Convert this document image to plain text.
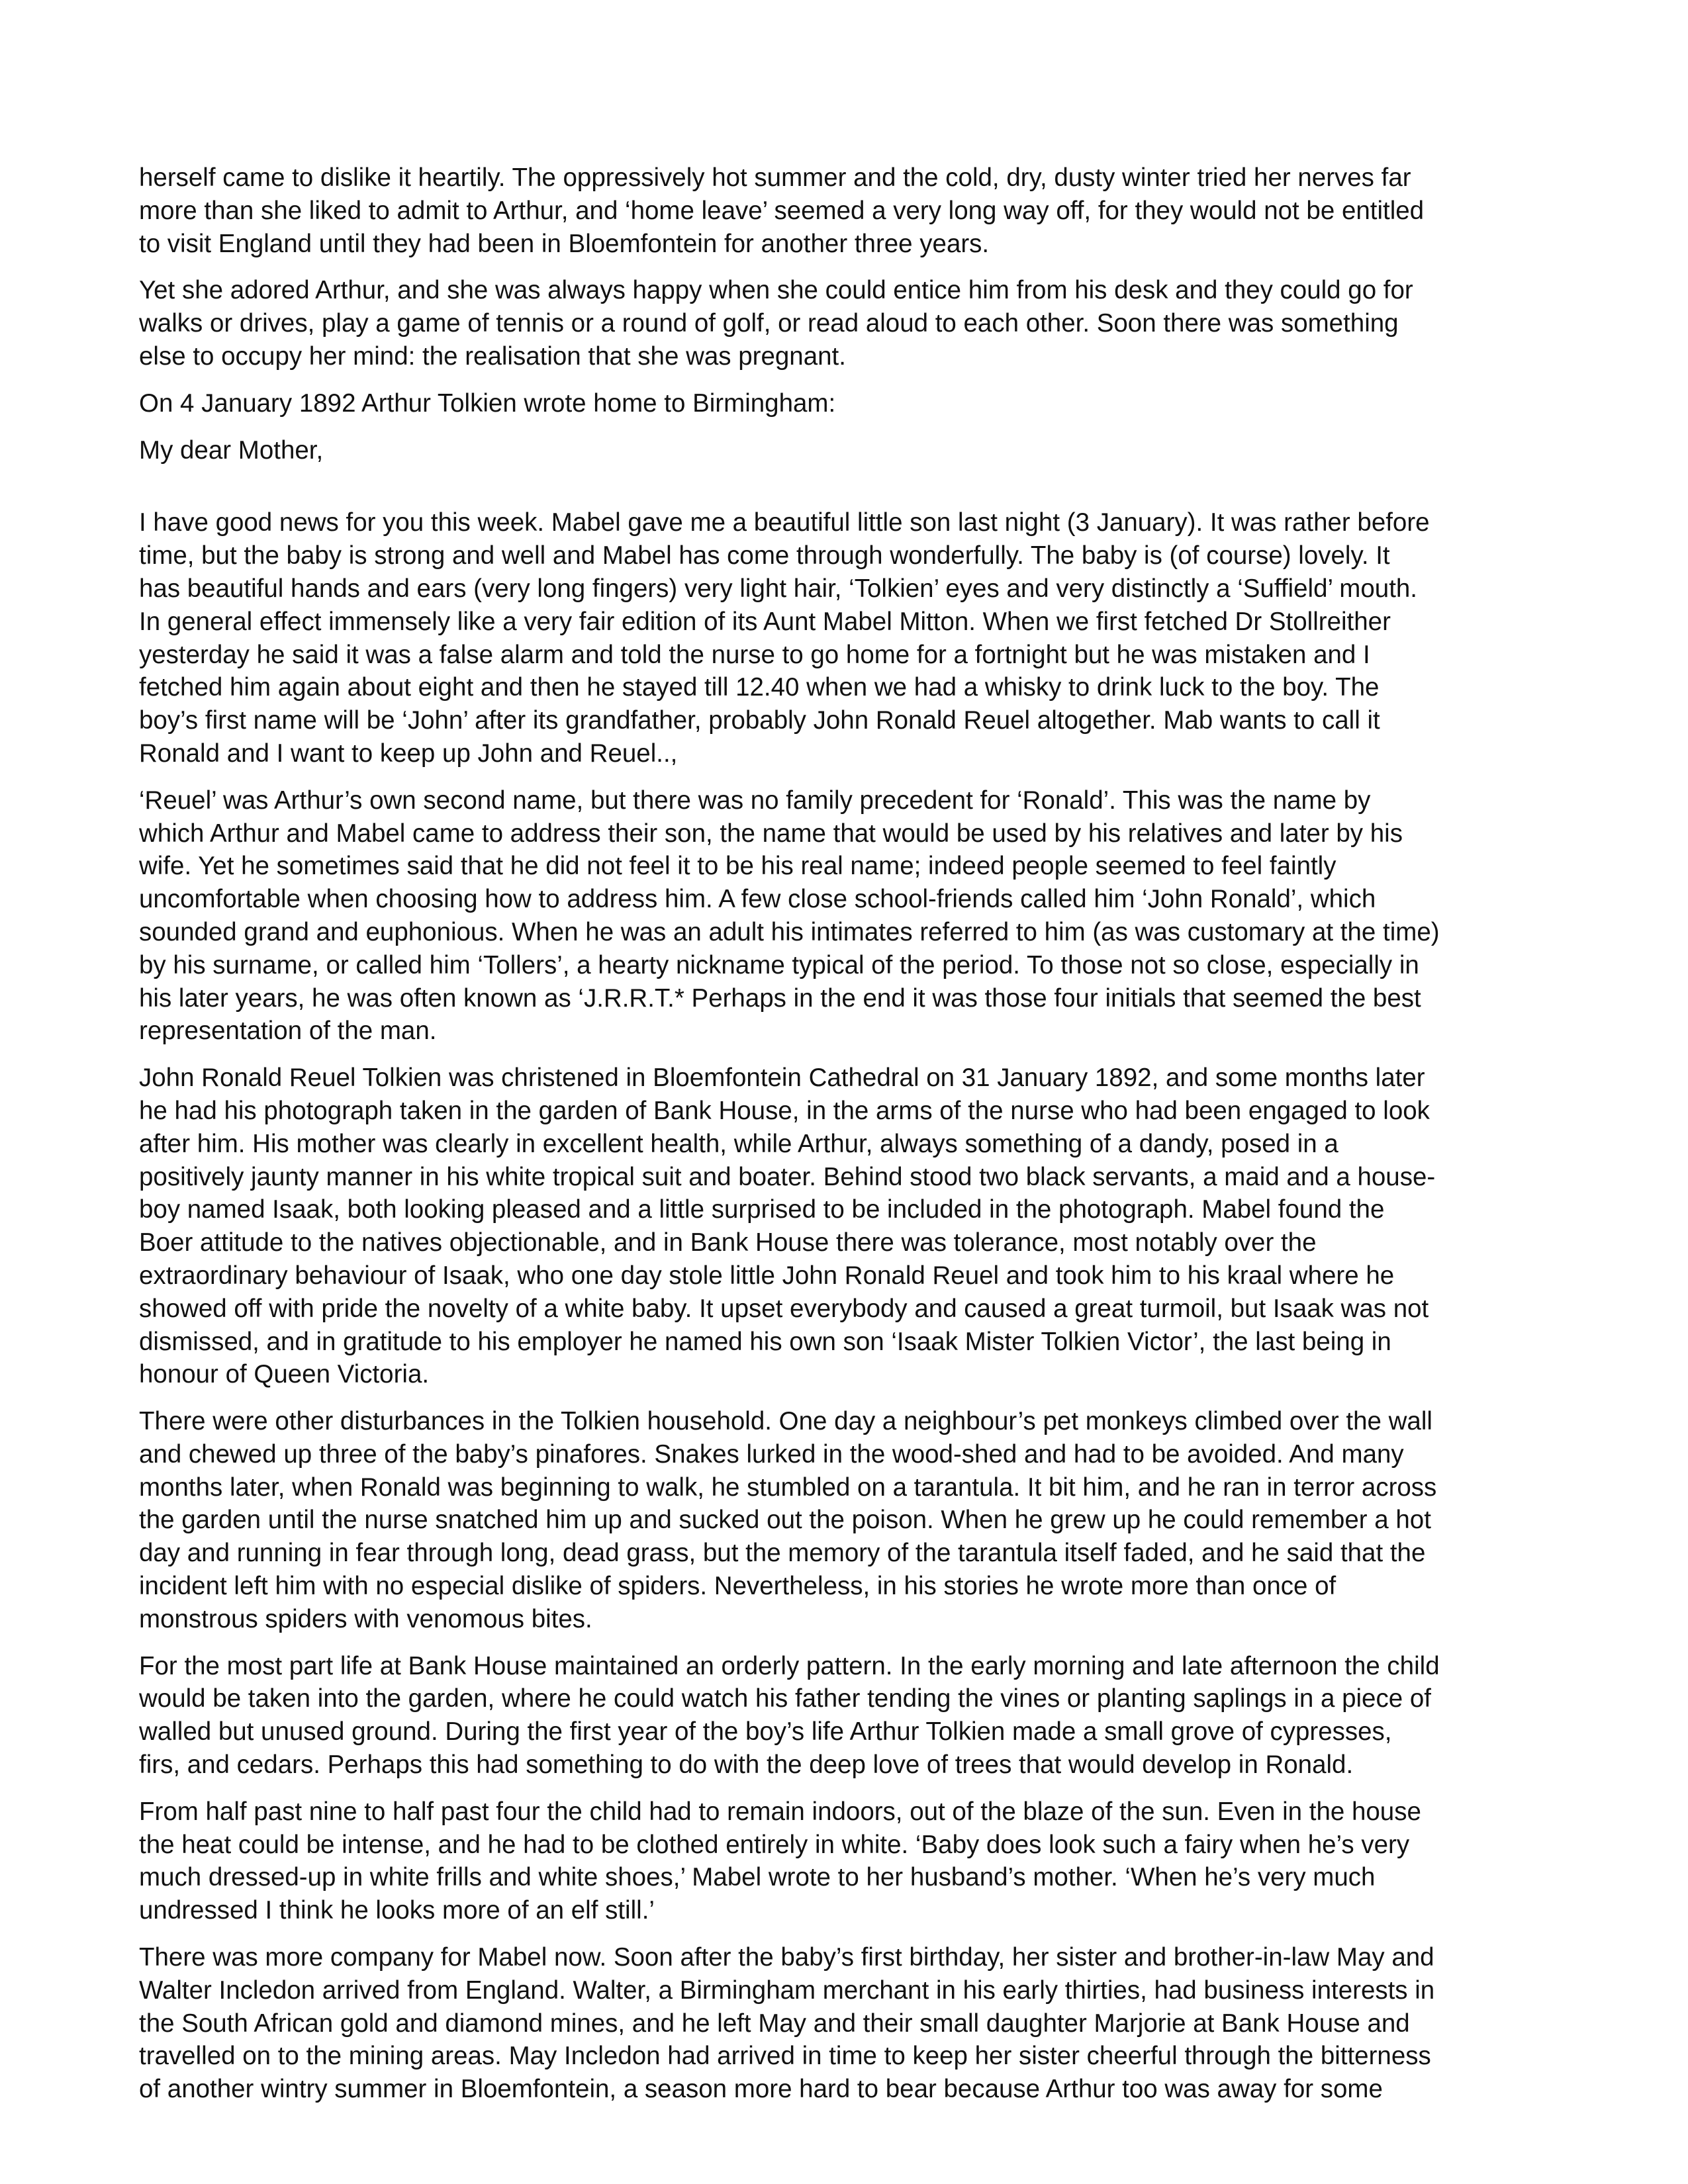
herself came to dislike it heartily. The oppressively hot summer and the cold, dry, dusty winter tried her nerves far
more than she liked to admit to Arthur, and ‘home leave’ seemed a very long way off, for they would not be entitled
to visit England until they had been in Bloemfontein for another three years.

Yet she adored Arthur, and she was always happy when she could entice him from his desk and they could go for
walks or drives, play a game of tennis or a round of golf, or read aloud to each other. Soon there was something
else to occupy her mind: the realisation that she was pregnant.

On 4 January 1892 Arthur Tolkien wrote home to Birmingham:

My dear Mother,

I have good news for you this week. Mabel gave me a beautiful little son last night (3 January). It was rather before
time, but the baby is strong and well and Mabel has come through wonderfully. The baby is (of course) lovely. It
has beautiful hands and ears (very long fingers) very light hair, ‘Tolkien’ eyes and very distinctly a ‘Suffield’ mouth.
In general effect immensely like a very fair edition of its Aunt Mabel Mitton. When we first fetched Dr Stollreither
yesterday he said it was a false alarm and told the nurse to go home for a fortnight but he was mistaken and I
fetched him again about eight and then he stayed till 12.40 when we had a whisky to drink luck to the boy. The
boy’s first name will be ‘John’ after its grandfather, probably John Ronald Reuel altogether. Mab wants to call it
Ronald and I want to keep up John and Reuel..,

‘Reuel’ was Arthur’s own second name, but there was no family precedent for ‘Ronald’. This was the name by
which Arthur and Mabel came to address their son, the name that would be used by his relatives and later by his
wife. Yet he sometimes said that he did not feel it to be his real name; indeed people seemed to feel faintly
uncomfortable when choosing how to address him. A few close school-friends called him ‘John Ronald’, which
sounded grand and euphonious. When he was an adult his intimates referred to him (as was customary at the time)
by his surname, or called him ‘Tollers’, a hearty nickname typical of the period. To those not so close, especially in
his later years, he was often known as ‘J.R.R.T.* Perhaps in the end it was those four initials that seemed the best
representation of the man.

John Ronald Reuel Tolkien was christened in Bloemfontein Cathedral on 31 January 1892, and some months later
he had his photograph taken in the garden of Bank House, in the arms of the nurse who had been engaged to look
after him. His mother was clearly in excellent health, while Arthur, always something of a dandy, posed in a
positively jaunty manner in his white tropical suit and boater. Behind stood two black servants, a maid and a house-
boy named Isaak, both looking pleased and a little surprised to be included in the photograph. Mabel found the
Boer attitude to the natives objectionable, and in Bank House there was tolerance, most notably over the
extraordinary behaviour of Isaak, who one day stole little John Ronald Reuel and took him to his kraal where he
showed off with pride the novelty of a white baby. It upset everybody and caused a great turmoil, but Isaak was not
dismissed, and in gratitude to his employer he named his own son ‘Isaak Mister Tolkien Victor’, the last being in
honour of Queen Victoria.

There were other disturbances in the Tolkien household. One day a neighbour’s pet monkeys climbed over the wall
and chewed up three of the baby’s pinafores. Snakes lurked in the wood-shed and had to be avoided. And many
months later, when Ronald was beginning to walk, he stumbled on a tarantula. It bit him, and he ran in terror across
the garden until the nurse snatched him up and sucked out the poison. When he grew up he could remember a hot
day and running in fear through long, dead grass, but the memory of the tarantula itself faded, and he said that the
incident left him with no especial dislike of spiders. Nevertheless, in his stories he wrote more than once of
monstrous spiders with venomous bites.

For the most part life at Bank House maintained an orderly pattern. In the early morning and late afternoon the child
would be taken into the garden, where he could watch his father tending the vines or planting saplings in a piece of
walled but unused ground. During the first year of the boy’s life Arthur Tolkien made a small grove of cypresses,
firs, and cedars. Perhaps this had something to do with the deep love of trees that would develop in Ronald.

From half past nine to half past four the child had to remain indoors, out of the blaze of the sun. Even in the house
the heat could be intense, and he had to be clothed entirely in white. ‘Baby does look such a fairy when he’s very
much dressed-up in white frills and white shoes,’ Mabel wrote to her husband’s mother. ‘When he’s very much
undressed I think he looks more of an elf still.’

There was more company for Mabel now. Soon after the baby’s first birthday, her sister and brother-in-law May and
Walter Incledon arrived from England. Walter, a Birmingham merchant in his early thirties, had business interests in
the South African gold and diamond mines, and he left May and their small daughter Marjorie at Bank House and
travelled on to the mining areas. May Incledon had arrived in time to keep her sister cheerful through the bitterness
of another wintry summer in Bloemfontein, a season more hard to bear because Arthur too was away for some
